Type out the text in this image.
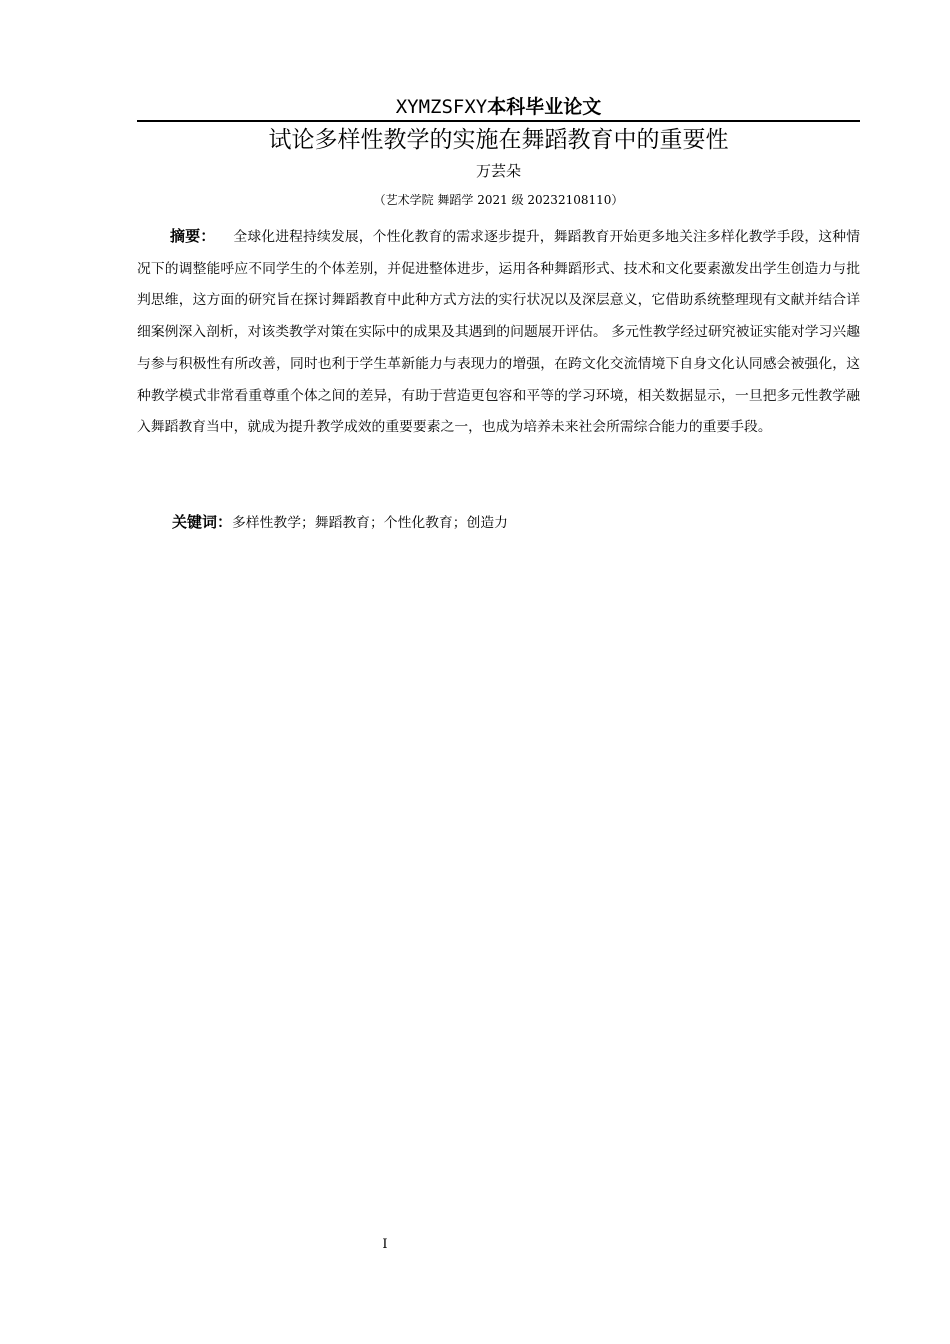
XYMZSFXY本科毕业论文
试论多样性教学的实施在舞蹈教育中的重要性
万芸朵
（艺术学院 舞蹈学 2021 级 20232108110）

摘要： 全球化进程持续发展，个性化教育的需求逐步提升，舞蹈教育开始更多地关注多样化教学手段，这种情况下的调整能呼应不同学生的个体差别，并促进整体进步，运用各种舞蹈形式、技术和文化要素激发出学生创造力与批判思维，这方面的研究旨在探讨舞蹈教育中此种方式方法的实行状况以及深层意义，它借助系统整理现有文献并结合详细案例深入剖析，对该类教学对策在实际中的成果及其遇到的问题展开评估。 多元性教学经过研究被证实能对学习兴趣与参与积极性有所改善，同时也利于学生革新能力与表现力的增强，在跨文化交流情境下自身文化认同感会被强化，这种教学模式非常看重尊重个体之间的差异，有助于营造更包容和平等的学习环境，相关数据显示，一旦把多元性教学融入舞蹈教育当中，就成为提升教学成效的重要要素之一，也成为培养未来社会所需综合能力的重要手段。

关键词：多样性教学；舞蹈教育；个性化教育；创造力
I
